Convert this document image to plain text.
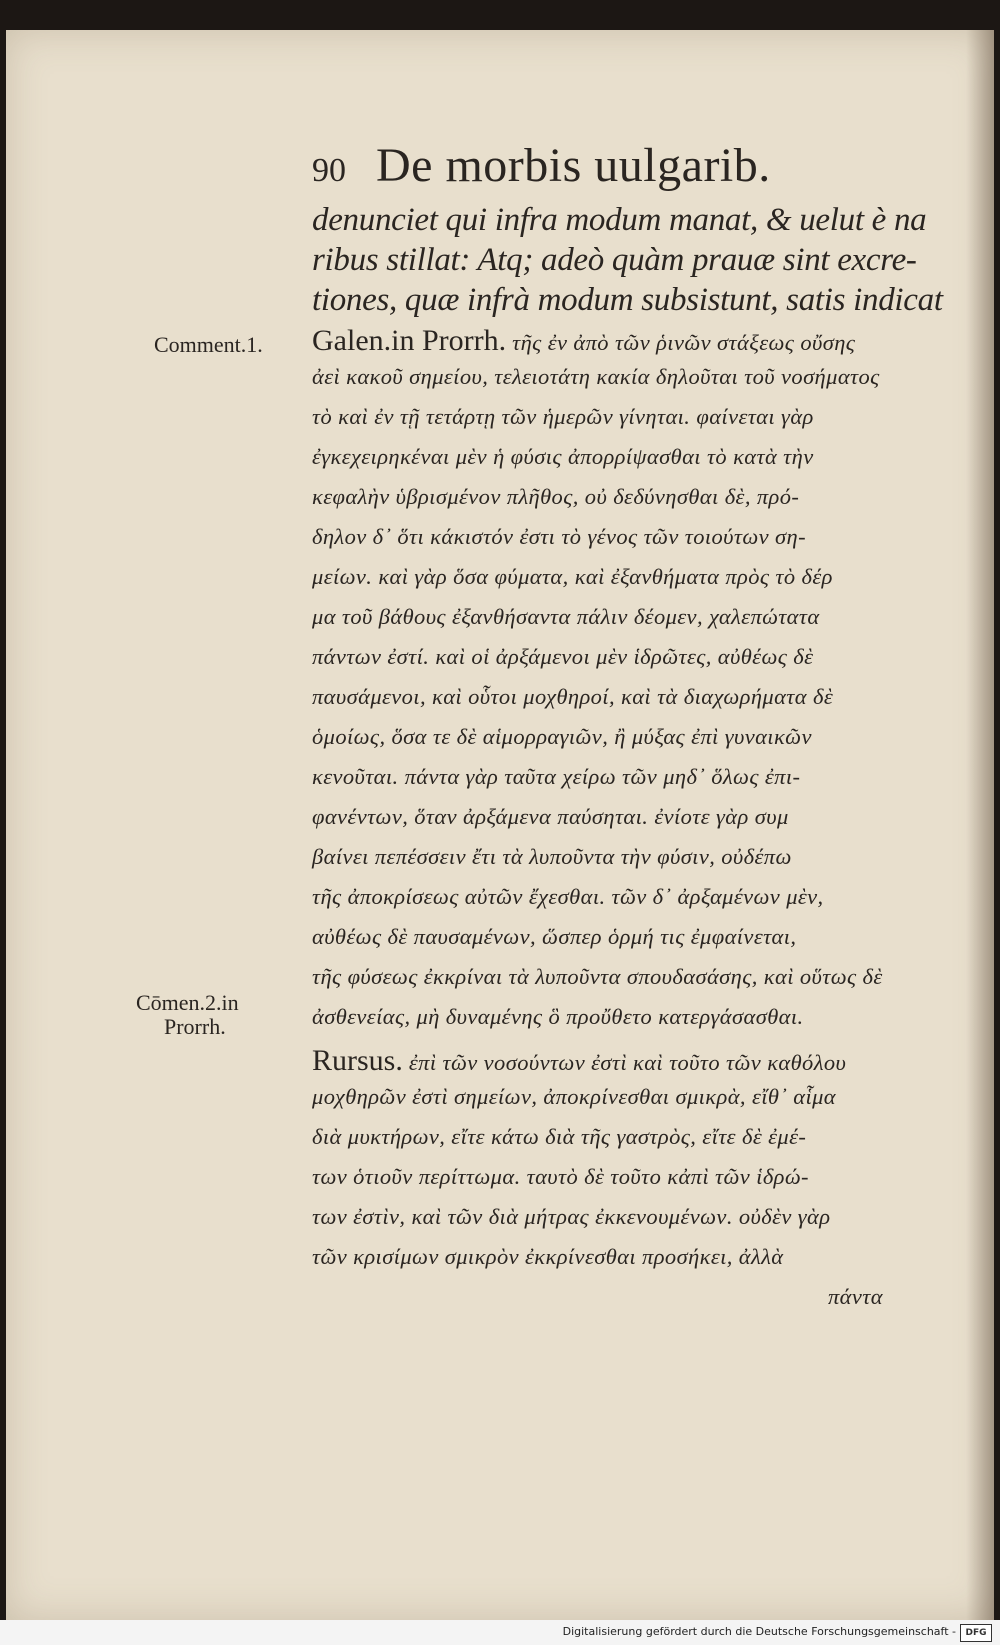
90 De morbis uulgarib.
Comment.1.
Cōmen.2.in
Prorrh.
denunciet qui infra modum manat, & uelut è na
ribus stillat: Atq; adeò quàm prauæ sint excre-
tiones, quæ infrà modum subsistunt, satis indicat
Galen.in Prorrh. τῆς ἐν ἀπὸ τῶν ῥινῶν στάξεως οὔσης
ἀεὶ κακοῦ σημείου, τελειοτάτη κακία δηλοῦται τοῦ νοσήματος
τὸ καὶ ἐν τῇ τετάρτῃ τῶν ἡμερῶν γίνηται. φαίνεται γὰρ
ἐγκεχειρηκέναι μὲν ἡ φύσις ἀπορρίψασθαι τὸ κατὰ τὴν
κεφαλὴν ὑβρισμένον πλῆθος, οὐ δεδύνησθαι δὲ, πρό-
δηλον δ᾽ ὅτι κάκιστόν ἐστι τὸ γένος τῶν τοιούτων ση-
μείων. καὶ γὰρ ὅσα φύματα, καὶ ἐξανθήματα πρὸς τὸ δέρ
μα τοῦ βάθους ἐξανθήσαντα πάλιν δέομεν, χαλεπώτατα
πάντων ἐστί. καὶ οἱ ἀρξάμενοι μὲν ἱδρῶτες, αὐθέως δὲ
παυσάμενοι, καὶ οὗτοι μοχθηροί, καὶ τὰ διαχωρήματα δὲ
ὁμοίως, ὅσα τε δὲ αἱμορραγιῶν, ἢ μύξας ἐπὶ γυναικῶν
κενοῦται. πάντα γὰρ ταῦτα χείρω τῶν μηδ᾽ ὅλως ἐπι-
φανέντων, ὅταν ἀρξάμενα παύσηται. ἐνίοτε γὰρ συμ
βαίνει πεπέσσειν ἔτι τὰ λυποῦντα τὴν φύσιν, οὐδέπω
τῆς ἀποκρίσεως αὐτῶν ἔχεσθαι. τῶν δ᾽ ἀρξαμένων μὲν,
αὐθέως δὲ παυσαμένων, ὥσπερ ὁρμή τις ἐμφαίνεται,
τῆς φύσεως ἐκκρίναι τὰ λυποῦντα σπουδασάσης, καὶ οὕτως δὲ
ἀσθενείας, μὴ δυναμένης ὃ προὔθετο κατεργάσασθαι.
Rursus. ἐπὶ τῶν νοσούντων ἐστὶ καὶ τοῦτο τῶν καθόλου
μοχθηρῶν ἐστὶ σημείων, ἀποκρίνεσθαι σμικρὰ, εἴθ᾽ αἷμα
διὰ μυκτήρων, εἴτε κάτω διὰ τῆς γαστρὸς, εἴτε δὲ ἐμέ-
των ὁτιοῦν περίττωμα. ταυτὸ δὲ τοῦτο κἀπὶ τῶν ἱδρώ-
των ἐστὶν, καὶ τῶν διὰ μήτρας ἐκκενουμένων. οὐδὲν γὰρ
τῶν κρισίμων σμικρὸν ἐκκρίνεσθαι προσήκει, ἀλλὰ
πάντα
Digitalisierung gefördert durch die Deutsche Forschungsgemeinschaft -	DFG
